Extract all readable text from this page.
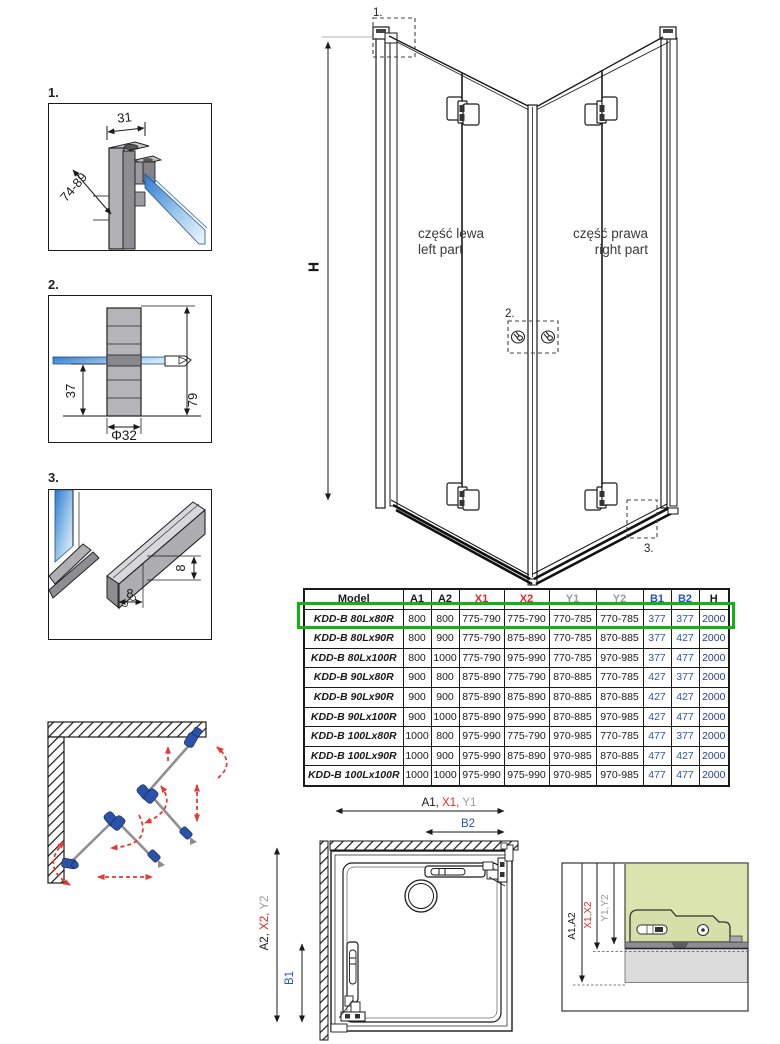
1.
31
74-89
2.
37
Φ32
79
3.
8
8
H
1.
2.
3.
część lewa
left part
część prawa
right part
Model	A1	A2	X1	X2	Y1	Y2	B1	B2	H
KDD-B 80Lx80R	800	800	775-790	775-790	770-785	770-785	377	377	2000
KDD-B 80Lx90R	800	900	775-790	875-890	770-785	870-885	377	427	2000
KDD-B 80Lx100R	800	1000	775-790	975-990	770-785	970-985	377	477	2000
KDD-B 90Lx80R	900	800	875-890	775-790	870-885	770-785	427	377	2000
KDD-B 90Lx90R	900	900	875-890	875-890	870-885	870-885	427	427	2000
KDD-B 90Lx100R	900	1000	875-890	975-990	870-885	970-985	427	477	2000
KDD-B 100Lx80R	1000	800	975-990	775-790	970-985	770-785	477	377	2000
KDD-B 100Lx90R	1000	900	975-990	875-890	970-985	870-885	477	427	2000
KDD-B 100Lx100R	1000	1000	975-990	975-990	970-985	970-985	477	477	2000
A1, X1, Y1
B2
A2, X2, Y2
B1
A1,A2 X1,X2 Y1,Y2
